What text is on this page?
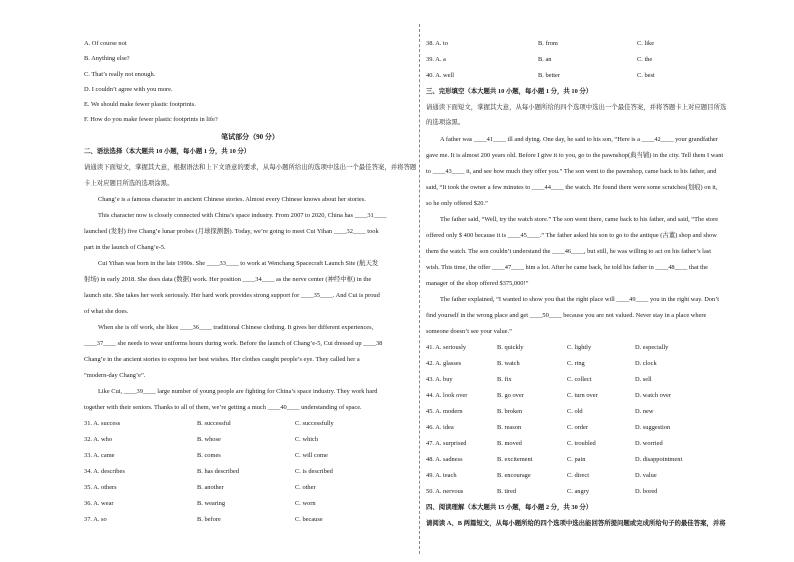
A. Of course not
B. Anything else?
C. That’s really not enough.
D. I couldn’t agree with you more.
E. We should make fewer plastic footprints.
F. How do you make fewer plastic footprints in life?
笔试部分（90 分）
二、语法选择（本大题共 10 小题，每小题 1 分，共 10 分）
请通读下面短文，掌握其大意，根据语法和上下文语意的要求，从每小题所给出的选项中选出一个最佳答案，并将答题
卡上对应题目所选的选项涂黑。
Chang’e is a famous character in ancient Chinese stories. Almost every Chinese knows about her stories.
This character now is closely connected with China’s space industry. From 2007 to 2020, China has ____31____
launched (发射) five Chang’e lunar probes (月球探测器). Today, we’re going to meet Cui Yihan ____32____ took
part in the launch of Chang’e-5.
Cui Yihan was born in the late 1990s. She ____33____ to work at Wenchang Spacecraft Launch Site (航天发
射场) in early 2018. She does data (数据) work. Her position ____34____ as the nerve center (神经中枢) in the
launch site. She takes her work seriously. Her hard work provides strong support for ____35____. And Cui is proud
of what she does.
When she is off work, she likes ____36____ traditional Chinese clothing. It gives her different experiences,
____37____ she needs to wear uniforms hours during work. Before the launch of Chang’e-5, Cui dressed up ____38
Chang’e in the ancient stories to express her best wishes. Her clothes caught people’s eye. They called her a
“modern-day Chang’e”.
Like Cui, ____39____ large number of young people are fighting for China’s space industry. They work hard
together with their seniors. Thanks to all of them, we’re getting a much ____40____ understanding of space.
31. A. success	B. successful	C. successfully
32. A. who	B. whose	C. which
33. A. came	B. comes	C. will come
34. A. describes	B. has described	C. is described
35. A. others	B. another	C. other
36. A. wear	B. wearing	C. worn
37. A. so	B. before	C. because
38. A. to	B. from	C. like
39. A. a	B. an	C. the
40. A. well	B. better	C. best
三、完形填空（本大题共 10 小题，每小题 1 分，共 10 分）
请通读下面短文，掌握其大意，从每小题所给的四个选项中选出一个最佳答案，并将答题卡上对应题目所选
的选项涂黑。
A father was ____41____ ill and dying. One day, he said to his son, “Here is a ____42____ your grandfather
gave me. It is almost 200 years old. Before I give it to you, go to the pawnshop(典当铺) in the city. Tell them I want
to ____43____ it, and see how much they offer you.” The son went to the pawnshop, came back to his father, and
said, “It took the owner a few minutes to ____44____ the watch. He found there were some scratches(划痕) on it,
so he only offered $20.”
The father said, “Well, try the watch store.” The son went there, came back to his father, and said, “The store
offered only $ 400 because it is ____45____.” The father asked his son to go to the antique (古董) shop and show
them the watch. The son couldn’t understand the ____46____, but still, he was willing to act on his father’s last
wish. This time, the offer ____47____ him a lot. After he came back, he told his father in ____48____ that the
manager of the shop offered $375,000!”
The father explained, “I wanted to show you that the right place will ____49____ you in the right way. Don’t
find yourself in the wrong place and get ____50____ because you are not valued. Never stay in a place where
someone doesn’t see your value.”
41. A. seriously	B. quickly	C. lightly	D. especially
42. A. glasses	B. watch	C. ring	D. clock
43. A. buy	B. fix	C. collect	D. sell
44. A. look over	B. go over	C. turn over	D. watch over
45. A. modern	B. broken	C. old	D. new
46. A. idea	B. reason	C. order	D. suggestion
47. A. surprised	B. moved	C. troubled	D. worried
48. A. sadness	B. excitement	C. pain	D. disappointment
49. A. teach	B. encourage	C. direct	D. value
50. A. nervous	B. tired	C. angry	D. bored
四、阅读理解（本大题共 15 小题，每小题 2 分，共 30 分）
请阅读 A、B 两篇短文，从每小题所给的四个选项中选出能回答所提问题或完成所给句子的最佳答案，并将
